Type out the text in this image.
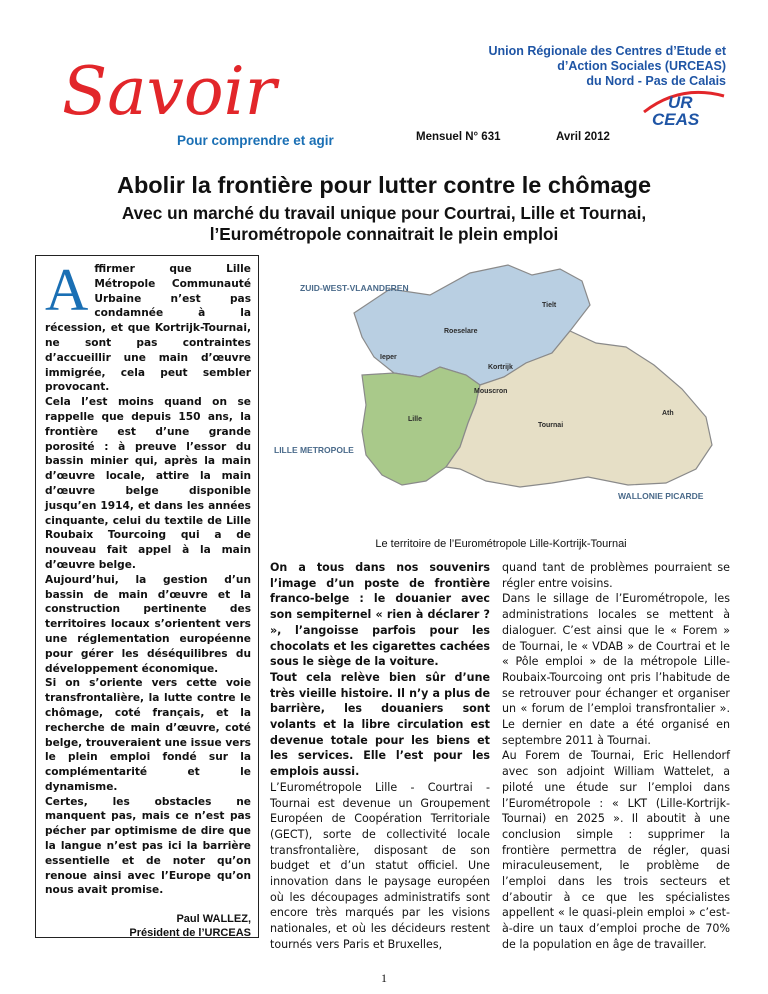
Savoir
Pour comprendre et agir	Mensuel N° 631	Avril 2012
Union Régionale des Centres d’Etude et
d’Action Sociales (URCEAS)
du Nord - Pas de Calais
UR
CEAS
Abolir la frontière pour lutter contre le chômage
Avec un marché du travail unique pour Courtrai, Lille et Tournai, l’Eurométropole connaitrait le plein emploi

Affirmer que Lille Métropole Communauté Urbaine n’est pas condamnée à la récession, et que Kortrijk-Tournai, ne sont pas contraintes d’accueillir une main d’œuvre immigrée, cela peut sembler provocant.

Cela l’est moins quand on se rappelle que depuis 150 ans, la frontière est d’une grande porosité : à preuve l’essor du bassin minier qui, après la main d’œuvre locale, attire la main d’œuvre belge disponible jusqu’en 1914, et dans les années cinquante, celui du textile de Lille Roubaix Tourcoing qui a de nouveau fait appel à la main d’œuvre belge.

Aujourd’hui, la gestion d’un bassin de main d’œuvre et la construction pertinente des territoires locaux s’orientent vers une réglementation européenne pour gérer les déséquilibres du développement économique.

Si on s’oriente vers cette voie transfrontalière, la lutte contre le chômage, coté français, et la recherche de main d’œuvre, coté belge, trouveraient une issue vers le plein emploi fondé sur la complémentarité et le dynamisme.

Certes, les obstacles ne manquent pas, mais ce n’est pas pécher par optimisme de dire que la langue n’est pas ici la barrière essentielle et de noter qu’on renoue ainsi avec l’Europe qu’on nous avait promise.

Paul WALLEZ,
Président de l’URCEAS
ZUID-WEST-VLAANDEREN
LILLE METROPOLE
WALLONIE PICARDE
Tielt
Roeselare
Ieper
Kortrijk
Mouscron
Ath
Tournai
Lille
Le territoire de l’Eurométropole Lille-Kortrijk-Tournai

On a tous dans nos souvenirs l’image d’un poste de frontière franco-belge : le douanier avec son sempiternel « rien à déclarer ? », l’angoisse parfois pour les chocolats et les cigarettes cachées sous le siège de la voiture.

Tout cela relève bien sûr d’une très vieille histoire. Il n’y a plus de barrière, les douaniers sont volants et la libre circulation est devenue totale pour les biens et les services. Elle l’est pour les emplois aussi.

L’Eurométropole Lille - Courtrai - Tournai est devenue un Groupement Européen de Coopération Territoriale (GECT), sorte de collectivité locale transfrontalière, disposant de son budget et d’un statut officiel. Une innovation dans le paysage européen où les découpages administratifs sont encore très marqués par les visions nationales, et où les décideurs restent tournés vers Paris et Bruxelles,

quand tant de problèmes pourraient se régler entre voisins.

Dans le sillage de l’Eurométropole, les administrations locales se mettent à dialoguer. C’est ainsi que le « Forem » de Tournai, le « VDAB » de Courtrai et le « Pôle emploi » de la métropole Lille-Roubaix-Tourcoing ont pris l’habitude de se retrouver pour échanger et organiser un « forum de l’emploi transfrontalier ». Le dernier en date a été organisé en septembre 2011 à Tournai.

Au Forem de Tournai, Eric Hellendorf avec son adjoint William Wattelet, a piloté une étude sur l’emploi dans l’Eurométropole : « LKT (Lille-Kortrijk-Tournai) en 2025 ». Il aboutit à une conclusion simple : supprimer la frontière permettra de régler, quasi miraculeusement, le problème de l’emploi dans les trois secteurs et d’aboutir à ce que les spécialistes appellent « le quasi-plein emploi » c’est-à-dire un taux d’emploi proche de 70% de la population en âge de travailler.

1
